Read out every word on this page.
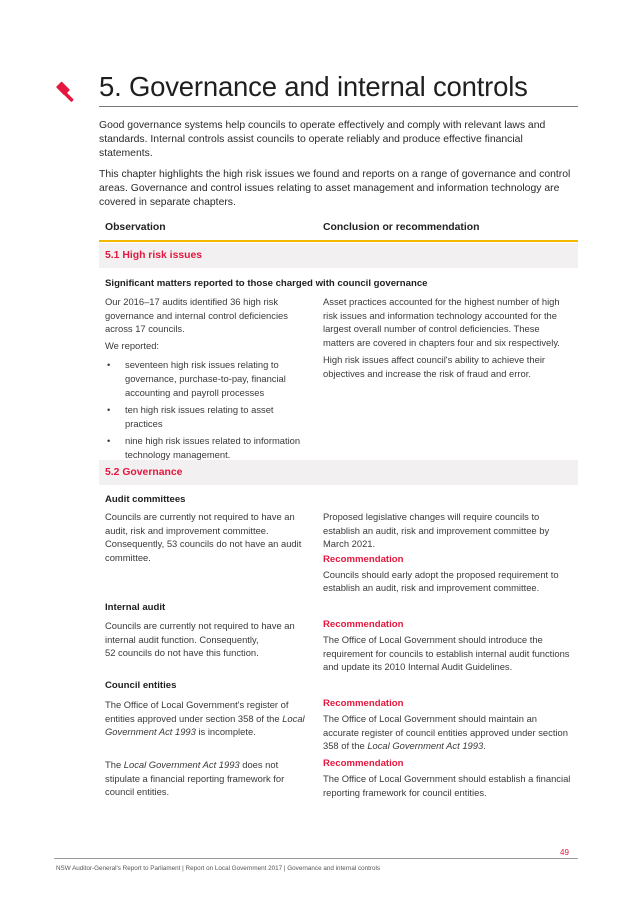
5. Governance and internal controls

Good governance systems help councils to operate effectively and comply with relevant laws and standards. Internal controls assist councils to operate reliably and produce effective financial statements.

This chapter highlights the high risk issues we found and reports on a range of governance and control areas. Governance and control issues relating to asset management and information technology are covered in separate chapters.

Observation	Conclusion or recommendation
5.1 High risk issues
Significant matters reported to those charged with council governance

Our 2016–17 audits identified 36 high risk governance and internal control deficiencies across 17 councils.

We reported:

• seventeen high risk issues relating to governance, purchase-to-pay, financial accounting and payroll processes
• ten high risk issues relating to asset practices
• nine high risk issues related to information technology management.

Asset practices accounted for the highest number of high risk issues and information technology accounted for the largest overall number of control deficiencies. These matters are covered in chapters four and six respectively.

High risk issues affect council's ability to achieve their objectives and increase the risk of fraud and error.

5.2 Governance
Audit committees

Councils are currently not required to have an audit, risk and improvement committee. Consequently, 53 councils do not have an audit committee.

Proposed legislative changes will require councils to establish an audit, risk and improvement committee by March 2021.

Recommendation

Councils should early adopt the proposed requirement to establish an audit, risk and improvement committee.

Internal audit

Councils are currently not required to have an internal audit function. Consequently,

52 councils do not have this function.

Recommendation

The Office of Local Government should introduce the requirement for councils to establish internal audit functions and update its 2010 Internal Audit Guidelines.

Council entities

The Office of Local Government's register of entities approved under section 358 of the Local Government Act 1993 is incomplete.

Recommendation

The Office of Local Government should maintain an accurate register of council entities approved under section 358 of the Local Government Act 1993.

The Local Government Act 1993 does not stipulate a financial reporting framework for council entities.

Recommendation

The Office of Local Government should establish a financial reporting framework for council entities.

49
NSW Auditor-General's Report to Parliament | Report on Local Government 2017 | Governance and internal controls
